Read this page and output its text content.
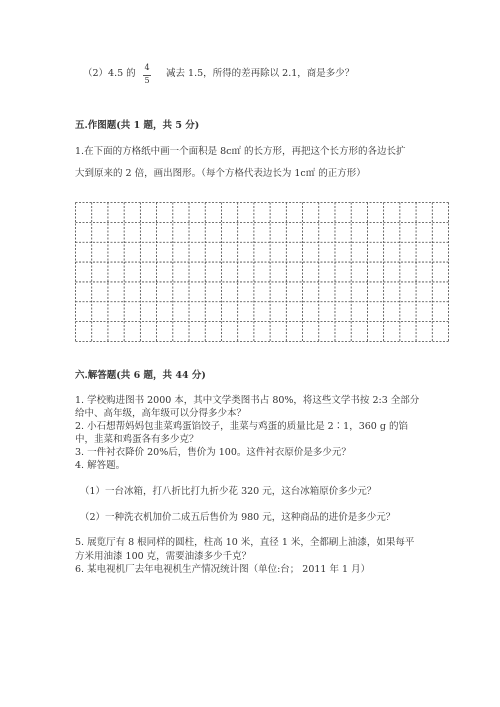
（2）4.5 的
4
5
减去 1.5，所得的差再除以 2.1，商是多少？
五.作图题(共 1 题，共 5 分)
1.在下面的方格纸中画一个面积是 8c㎡ 的长方形，再把这个长方形的各边长扩
大到原来的 2 倍，画出图形。（每个方格代表边长为 1c㎡ 的正方形）
六.解答题(共 6 题，共 44 分)
1. 学校购进图书 2000 本，其中文学类图书占 80%，将这些文学书按 2:3 全部分
给中、高年级，高年级可以分得多少本？
2. 小石想帮妈妈包韭菜鸡蛋馅饺子，韭菜与鸡蛋的质量比是 2∶1，360 g 的馅
中，韭菜和鸡蛋各有多少克？
3. 一件衬衣降价 20%后，售价为 100。这件衬衣原价是多少元？
4. 解答题。
（1）一台冰箱，打八折比打九折少花 320 元，这台冰箱原价多少元？
（2）一种洗衣机加价二成五后售价为 980 元，这种商品的进价是多少元？
5. 展览厅有 8 根同样的圆柱，柱高 10 米，直径 1 米，全都刷上油漆，如果每平
方米用油漆 100 克，需要油漆多少千克？
6. 某电视机厂去年电视机生产情况统计图（单位:台； 2011 年 1 月）
